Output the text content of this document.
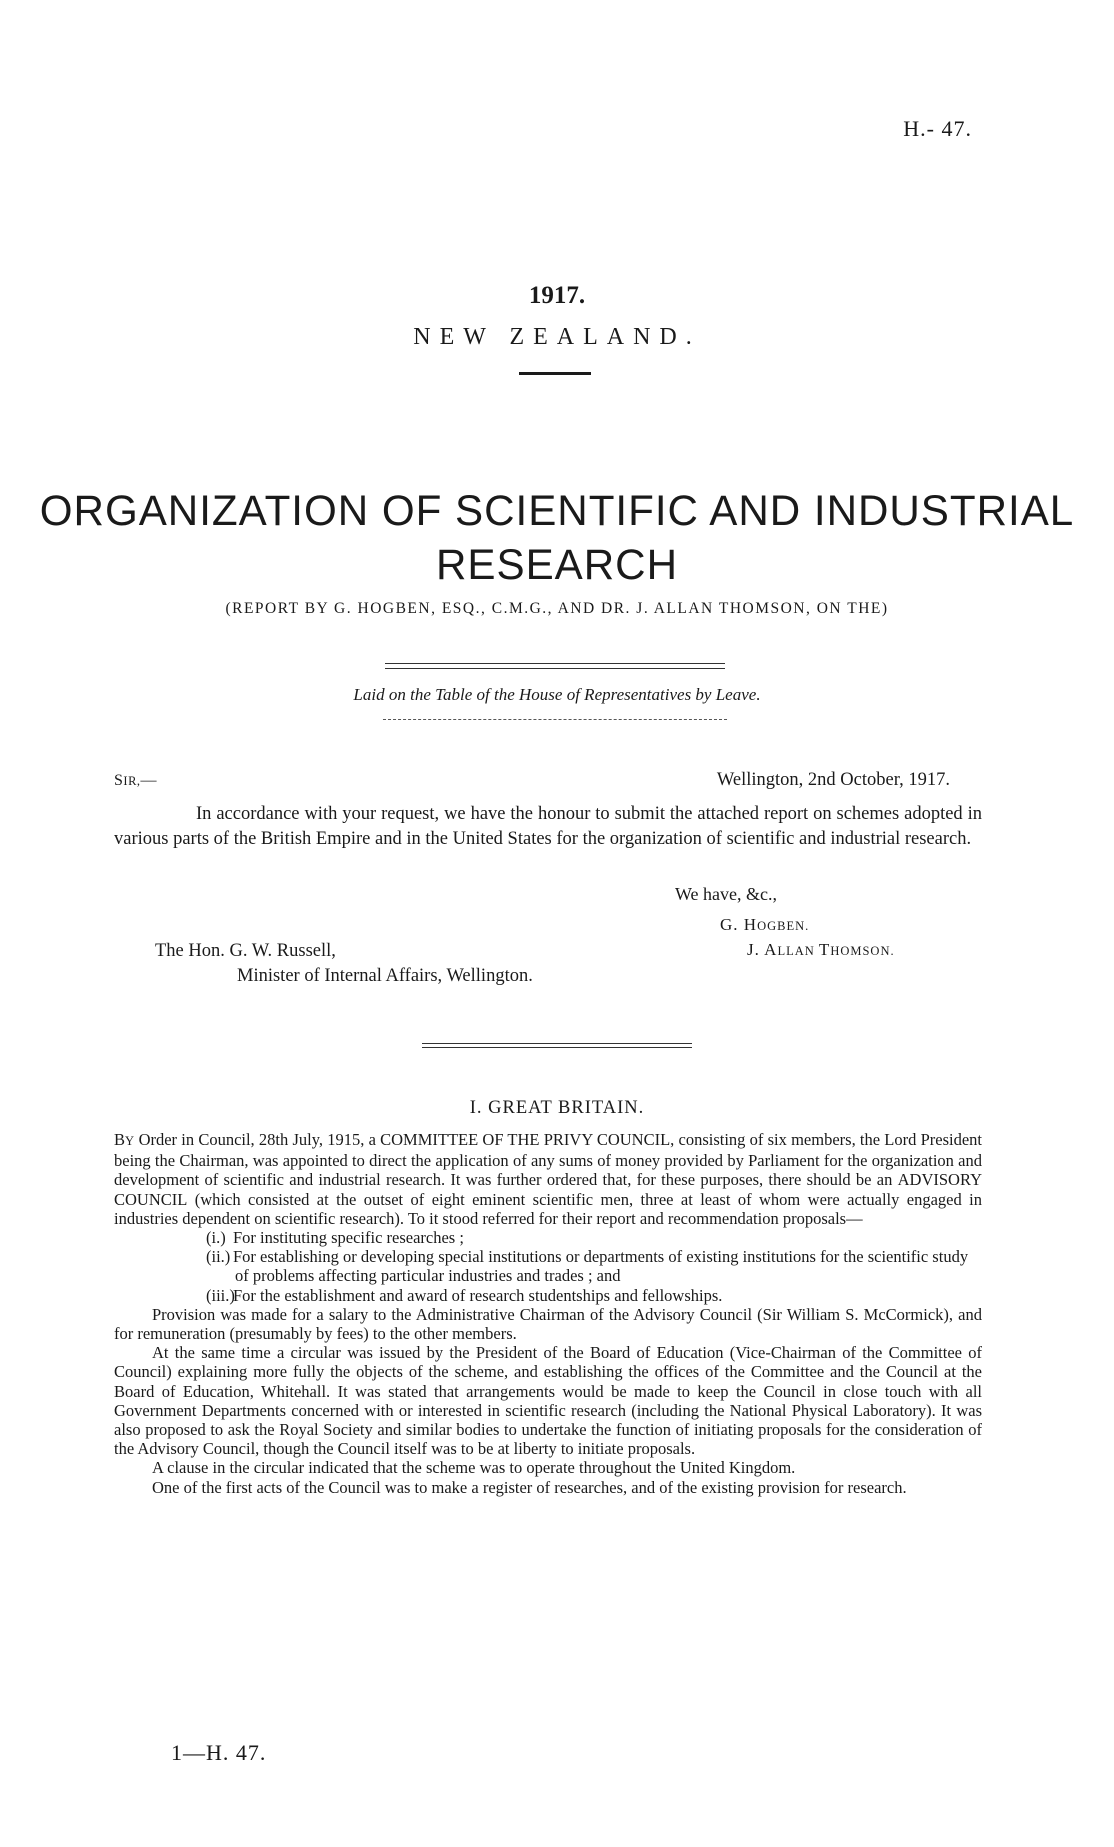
H.- 47.
1917.
NEW ZEALAND.
ORGANIZATION OF SCIENTIFIC AND INDUSTRIAL
RESEARCH
(REPORT BY G. HOGBEN, ESQ., C.M.G., AND DR. J. ALLAN THOMSON, ON THE)
Laid on the Table of the House of Representatives by Leave.
SIR,—	Wellington, 2nd October, 1917.

In accordance with your request, we have the honour to submit the attached report on schemes adopted in various parts of the British Empire and in the United States for the organization of scientific and industrial research.

We have, &c.,
G. HOGBEN.
J. ALLAN THOMSON.
The Hon. G. W. Russell,
Minister of Internal Affairs, Wellington.
I. GREAT BRITAIN.

BY Order in Council, 28th July, 1915, a COMMITTEE OF THE PRIVY COUNCIL, consisting of six members, the Lord President being the Chairman, was appointed to direct the application of any sums of money provided by Parliament for the organization and development of scientific and industrial research. It was further ordered that, for these purposes, there should be an ADVISORY COUNCIL (which consisted at the outset of eight eminent scientific men, three at least of whom were actually engaged in industries dependent on scientific research). To it stood referred for their report and recommendation proposals—

(i.) For instituting specific researches ;
(ii.) For establishing or developing special institutions or departments of existing institutions for the scientific study of problems affecting particular industries and trades ; and
(iii.)For the establishment and award of research studentships and fellowships.

Provision was made for a salary to the Administrative Chairman of the Advisory Council (Sir William S. McCormick), and for remuneration (presumably by fees) to the other members.

At the same time a circular was issued by the President of the Board of Education (Vice-Chairman of the Committee of Council) explaining more fully the objects of the scheme, and establishing the offices of the Committee and the Council at the Board of Education, Whitehall. It was stated that arrangements would be made to keep the Council in close touch with all Government Departments concerned with or interested in scientific research (including the National Physical Laboratory). It was also proposed to ask the Royal Society and similar bodies to undertake the function of initiating proposals for the consideration of the Advisory Council, though the Council itself was to be at liberty to initiate proposals.

A clause in the circular indicated that the scheme was to operate throughout the United Kingdom.

One of the first acts of the Council was to make a register of researches, and of the existing provision for research.

1—H. 47.
